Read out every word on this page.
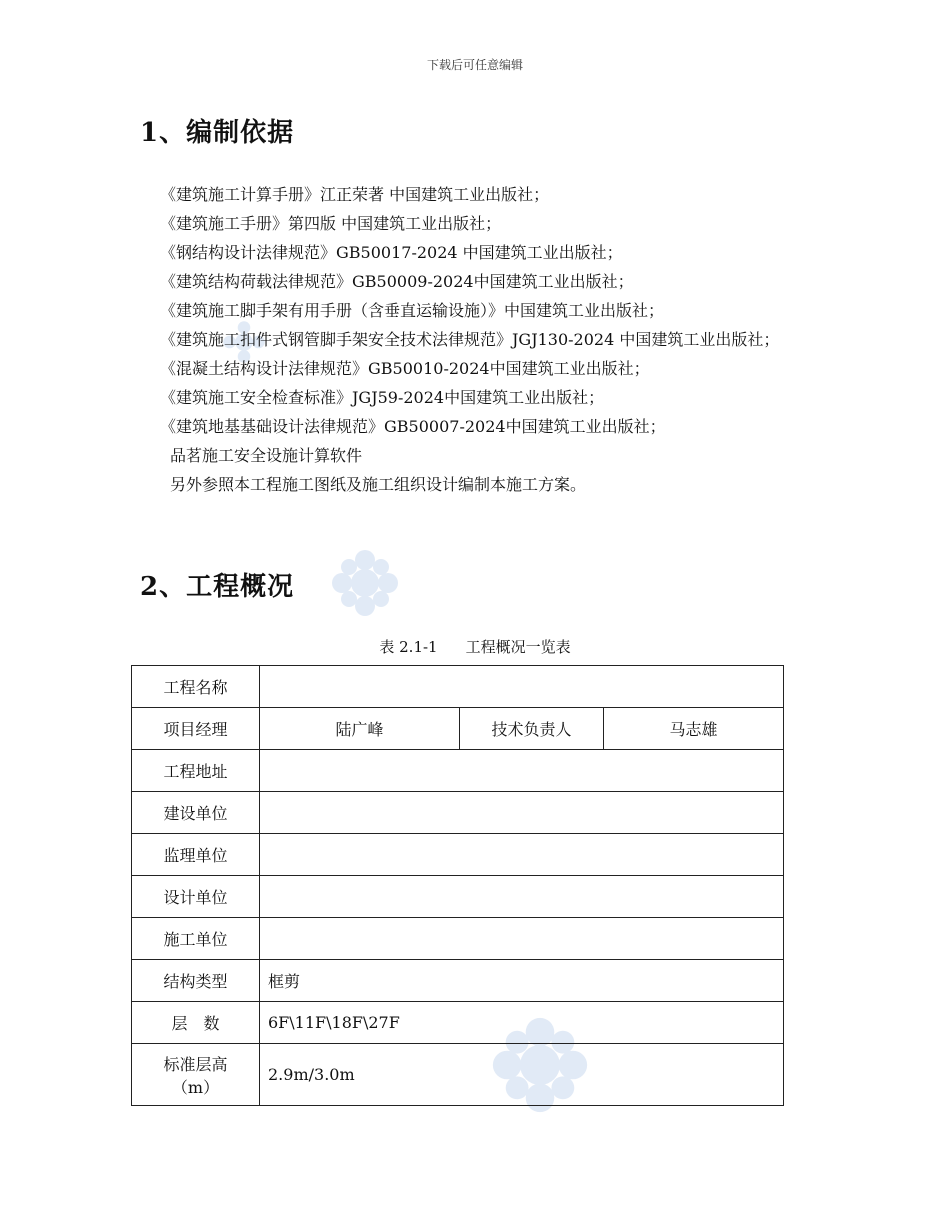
下载后可任意编辑
1、编制依据

《建筑施工计算手册》江正荣著 中国建筑工业出版社；

《建筑施工手册》第四版 中国建筑工业出版社；

《钢结构设计法律规范》GB50017-2024 中国建筑工业出版社；

《建筑结构荷载法律规范》GB50009-2024中国建筑工业出版社；

《建筑施工脚手架有用手册（含垂直运输设施）》中国建筑工业出版社；

《建筑施工扣件式钢管脚手架安全技术法律规范》JGJ130-2024 中国建筑工业出版社；

《混凝土结构设计法律规范》GB50010-2024中国建筑工业出版社；

《建筑施工安全检查标准》JGJ59-2024中国建筑工业出版社；

《建筑地基基础设计法律规范》GB50007-2024中国建筑工业出版社；

品茗施工安全设施计算软件

另外参照本工程施工图纸及施工组织设计编制本施工方案。

2、工程概况
表 2.1-1 工程概况一览表
工程名称			
项目经理	陆广峰	技术负责人	马志雄
工程地址			
建设单位			
监理单位			
设计单位			
施工单位			
结构类型	框剪		
层　数	6F\11F\18F\27F		

标准层高
（m）	2.9m/3.0m		
